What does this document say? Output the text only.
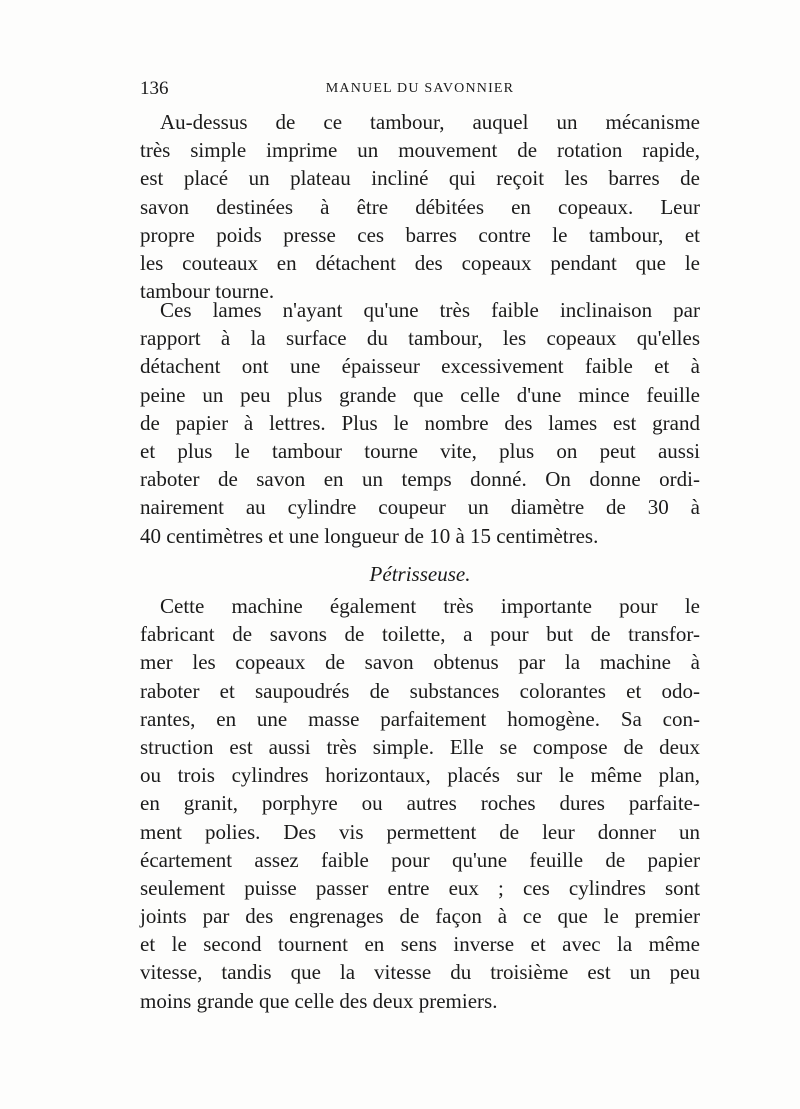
136	MANUEL DU SAVONNIER
Au-dessus de ce tambour, auquel un mécanisme
très simple imprime un mouvement de rotation rapide,
est placé un plateau incliné qui reçoit les barres de
savon destinées à être débitées en copeaux. Leur
propre poids presse ces barres contre le tambour, et
les couteaux en détachent des copeaux pendant que le
tambour tourne.
Ces lames n'ayant qu'une très faible inclinaison par
rapport à la surface du tambour, les copeaux qu'elles
détachent ont une épaisseur excessivement faible et à
peine un peu plus grande que celle d'une mince feuille
de papier à lettres. Plus le nombre des lames est grand
et plus le tambour tourne vite, plus on peut aussi
raboter de savon en un temps donné. On donne ordi-
nairement au cylindre coupeur un diamètre de 30 à
40 centimètres et une longueur de 10 à 15 centimètres.
Pétrisseuse.
Cette machine également très importante pour le
fabricant de savons de toilette, a pour but de transfor-
mer les copeaux de savon obtenus par la machine à
raboter et saupoudrés de substances colorantes et odo-
rantes, en une masse parfaitement homogène. Sa con-
struction est aussi très simple. Elle se compose de deux
ou trois cylindres horizontaux, placés sur le même plan,
en granit, porphyre ou autres roches dures parfaite-
ment polies. Des vis permettent de leur donner un
écartement assez faible pour qu'une feuille de papier
seulement puisse passer entre eux ; ces cylindres sont
joints par des engrenages de façon à ce que le premier
et le second tournent en sens inverse et avec la même
vitesse, tandis que la vitesse du troisième est un peu
moins grande que celle des deux premiers.
